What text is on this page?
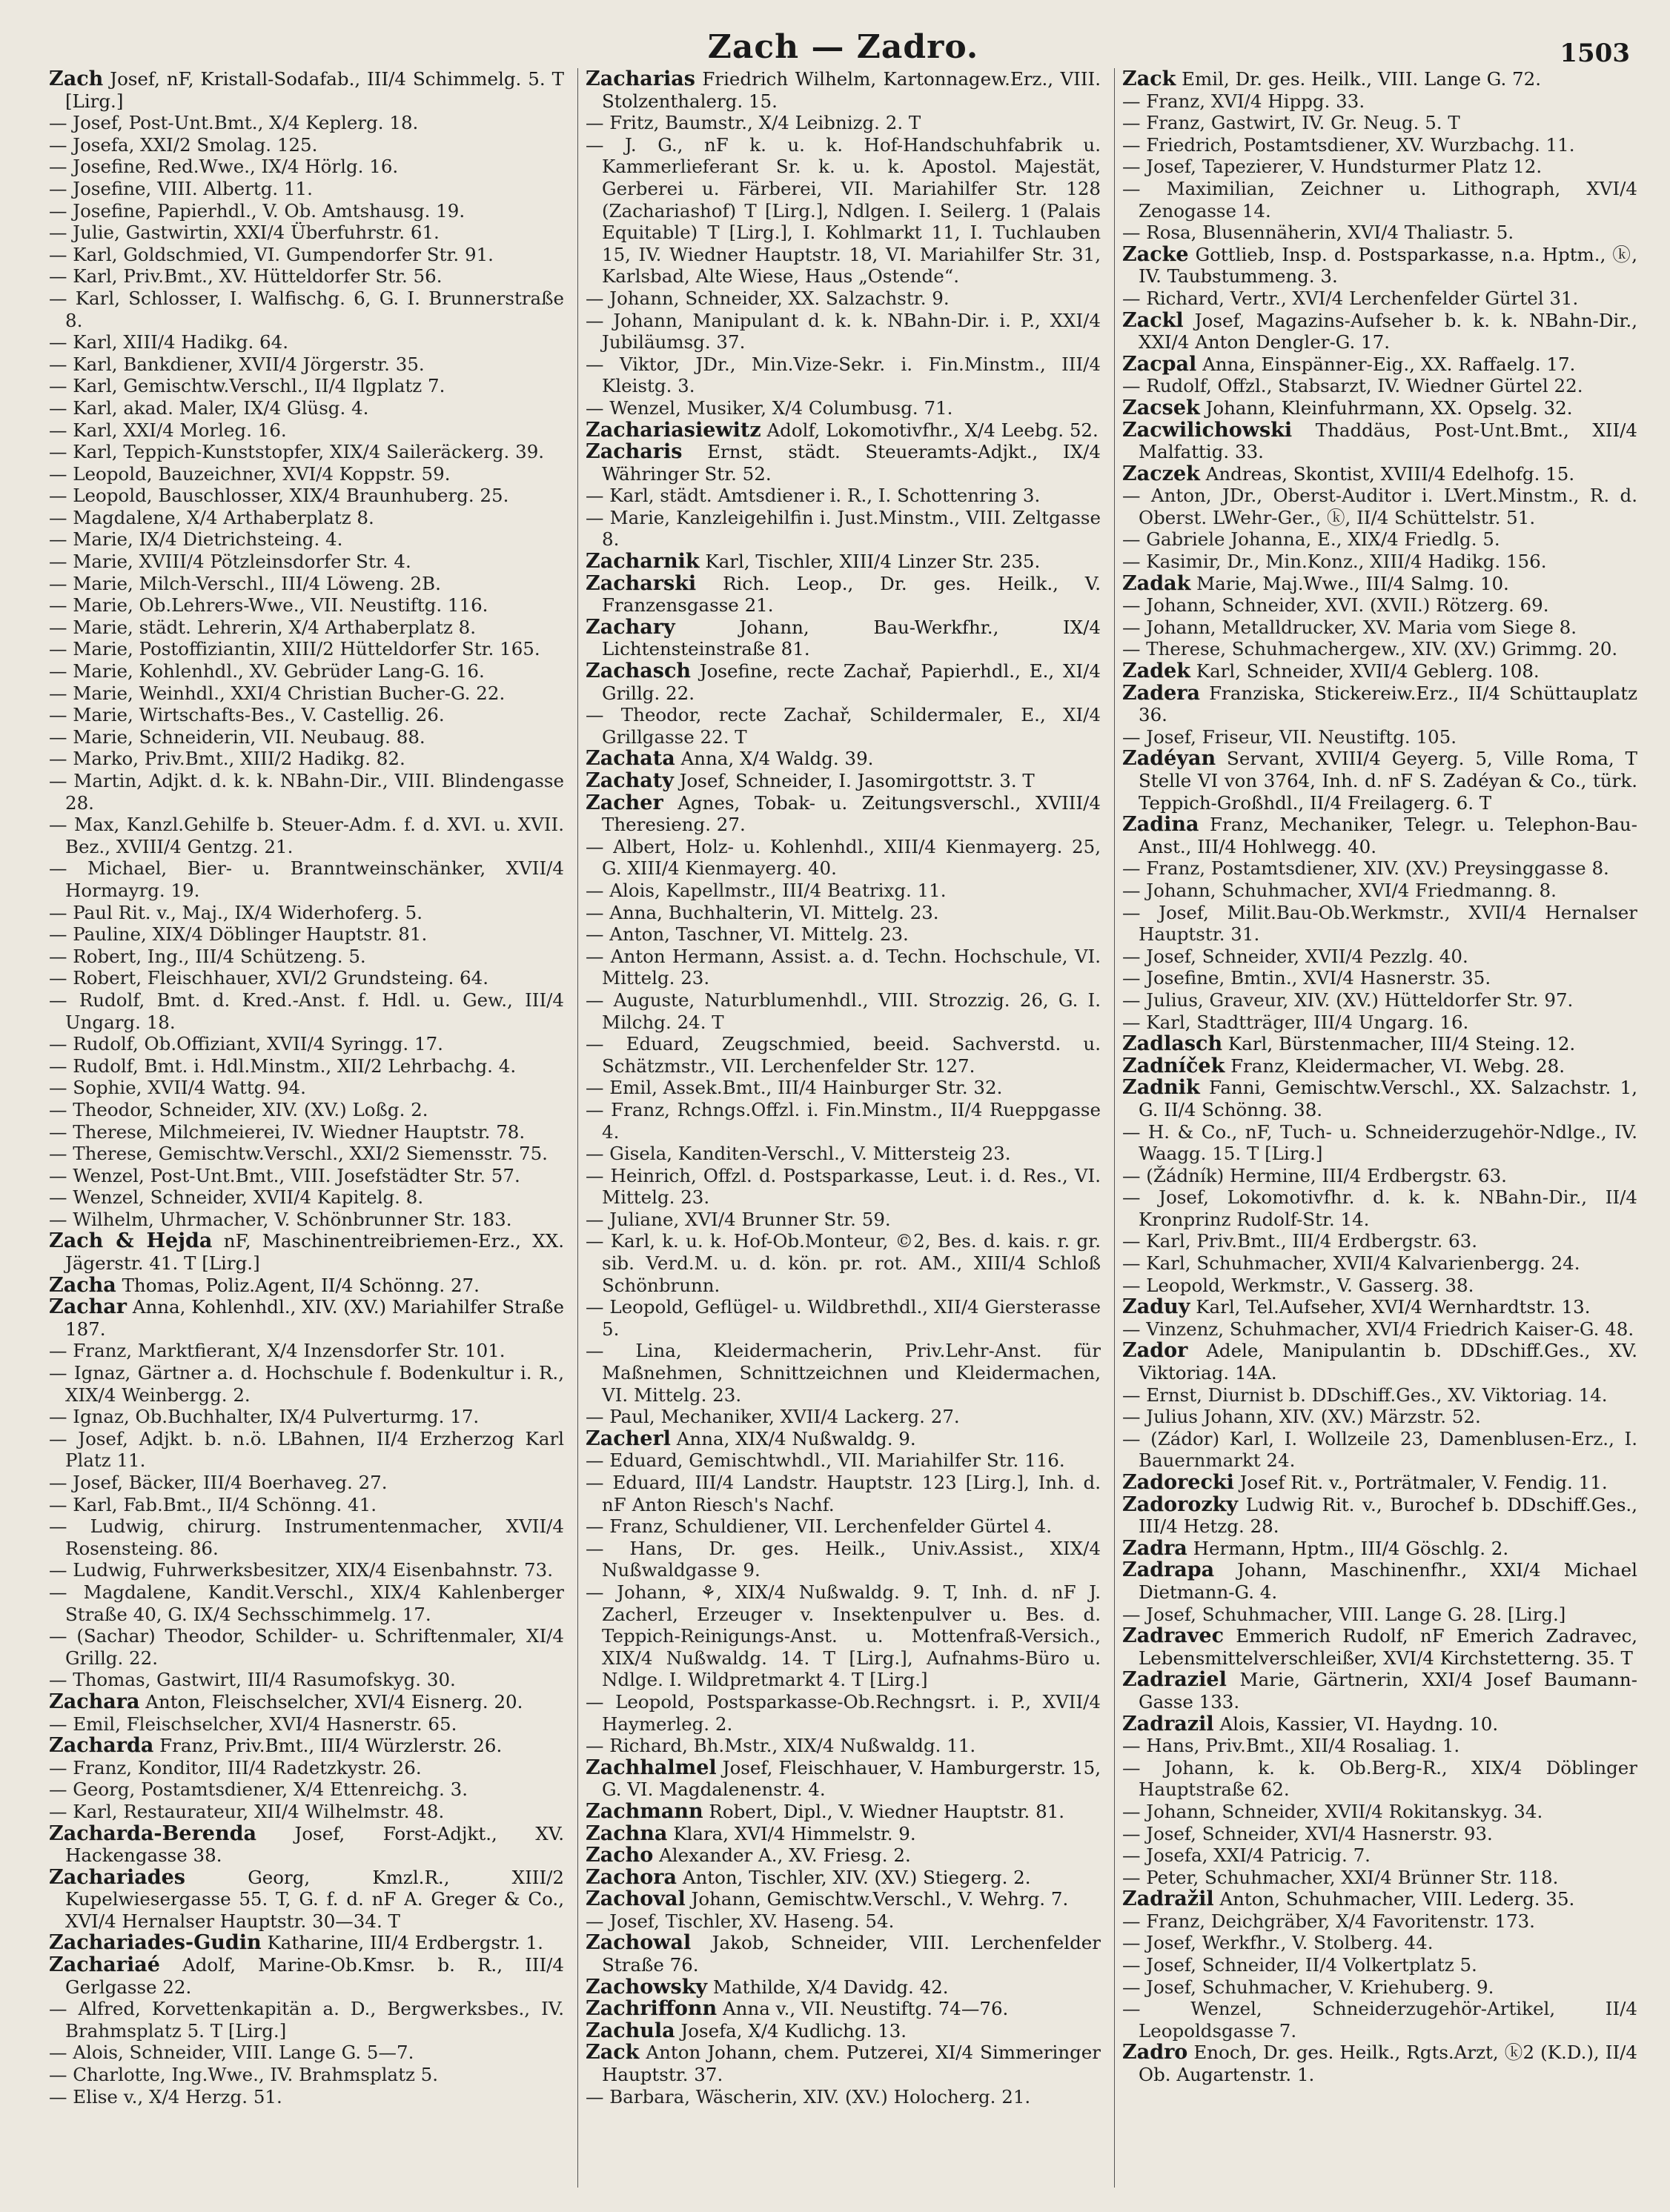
Zach — Zadro.	1503

Zach Josef, nF, Kristall-Sodafab., III/4 Schimmelg. 5. T [Lirg.]

— Josef, Post-Unt.Bmt., X/4 Keplerg. 18.

— Josefa, XXI/2 Smolag. 125.

— Josefine, Red.Wwe., IX/4 Hörlg. 16.

— Josefine, VIII. Albertg. 11.

— Josefine, Papierhdl., V. Ob. Amtshausg. 19.

— Julie, Gastwirtin, XXI/4 Überfuhrstr. 61.

— Karl, Goldschmied, VI. Gumpendorfer Str. 91.

— Karl, Priv.Bmt., XV. Hütteldorfer Str. 56.

— Karl, Schlosser, I. Walfischg. 6, G. I. Brunnerstraße 8.

— Karl, XIII/4 Hadikg. 64.

— Karl, Bankdiener, XVII/4 Jörgerstr. 35.

— Karl, Gemischtw.Verschl., II/4 Ilgplatz 7.

— Karl, akad. Maler, IX/4 Glüsg. 4.

— Karl, XXI/4 Morleg. 16.

— Karl, Teppich-Kunststopfer, XIX/4 Saileräckerg. 39.

— Leopold, Bauzeichner, XVI/4 Koppstr. 59.

— Leopold, Bauschlosser, XIX/4 Braunhuberg. 25.

— Magdalene, X/4 Arthaberplatz 8.

— Marie, IX/4 Dietrichsteing. 4.

— Marie, XVIII/4 Pötzleinsdorfer Str. 4.

— Marie, Milch-Verschl., III/4 Löweng. 2B.

— Marie, Ob.Lehrers-Wwe., VII. Neustiftg. 116.

— Marie, städt. Lehrerin, X/4 Arthaberplatz 8.

— Marie, Postoffiziantin, XIII/2 Hütteldorfer Str. 165.

— Marie, Kohlenhdl., XV. Gebrüder Lang-G. 16.

— Marie, Weinhdl., XXI/4 Christian Bucher-G. 22.

— Marie, Wirtschafts-Bes., V. Castellig. 26.

— Marie, Schneiderin, VII. Neubaug. 88.

— Marko, Priv.Bmt., XIII/2 Hadikg. 82.

— Martin, Adjkt. d. k. k. NBahn-Dir., VIII. Blindengasse 28.

— Max, Kanzl.Gehilfe b. Steuer-Adm. f. d. XVI. u. XVII. Bez., XVIII/4 Gentzg. 21.

— Michael, Bier- u. Branntweinschänker, XVII/4 Hormayrg. 19.

— Paul Rit. v., Maj., IX/4 Widerhoferg. 5.

— Pauline, XIX/4 Döblinger Hauptstr. 81.

— Robert, Ing., III/4 Schützeng. 5.

— Robert, Fleischhauer, XVI/2 Grundsteing. 64.

— Rudolf, Bmt. d. Kred.-Anst. f. Hdl. u. Gew., III/4 Ungarg. 18.

— Rudolf, Ob.Offiziant, XVII/4 Syringg. 17.

— Rudolf, Bmt. i. Hdl.Minstm., XII/2 Lehrbachg. 4.

— Sophie, XVII/4 Wattg. 94.

— Theodor, Schneider, XIV. (XV.) Loßg. 2.

— Therese, Milchmeierei, IV. Wiedner Hauptstr. 78.

— Therese, Gemischtw.Verschl., XXI/2 Siemensstr. 75.

— Wenzel, Post-Unt.Bmt., VIII. Josefstädter Str. 57.

— Wenzel, Schneider, XVII/4 Kapitelg. 8.

— Wilhelm, Uhrmacher, V. Schönbrunner Str. 183.

Zach & Hejda nF, Maschinentreibriemen-Erz., XX. Jägerstr. 41. T [Lirg.]

Zacha Thomas, Poliz.Agent, II/4 Schönng. 27.

Zachar Anna, Kohlenhdl., XIV. (XV.) Mariahilfer Straße 187.

— Franz, Marktfierant, X/4 Inzensdorfer Str. 101.

— Ignaz, Gärtner a. d. Hochschule f. Bodenkultur i. R., XIX/4 Weinbergg. 2.

— Ignaz, Ob.Buchhalter, IX/4 Pulverturmg. 17.

— Josef, Adjkt. b. n.ö. LBahnen, II/4 Erzherzog Karl Platz 11.

— Josef, Bäcker, III/4 Boerhaveg. 27.

— Karl, Fab.Bmt., II/4 Schönng. 41.

— Ludwig, chirurg. Instrumentenmacher, XVII/4 Rosensteing. 86.

— Ludwig, Fuhrwerksbesitzer, XIX/4 Eisenbahnstr. 73.

— Magdalene, Kandit.Verschl., XIX/4 Kahlenberger Straße 40, G. IX/4 Sechsschimmelg. 17.

— (Sachar) Theodor, Schilder- u. Schriftenmaler, XI/4 Grillg. 22.

— Thomas, Gastwirt, III/4 Rasumofskyg. 30.

Zachara Anton, Fleischselcher, XVI/4 Eisnerg. 20.

— Emil, Fleischselcher, XVI/4 Hasnerstr. 65.

Zacharda Franz, Priv.Bmt., III/4 Würzlerstr. 26.

— Franz, Konditor, III/4 Radetzkystr. 26.

— Georg, Postamtsdiener, X/4 Ettenreichg. 3.

— Karl, Restaurateur, XII/4 Wilhelmstr. 48.

Zacharda-Berenda Josef, Forst-Adjkt., XV. Hackengasse 38.

Zachariades	Georg, Kmzl.R., XIII/2 Kupelwiesergasse 55. T, G. f. d. nF A. Greger & Co., XVI/4 Hernalser Hauptstr. 30—34. T

Zachariades-Gudin Katharine, III/4 Erdbergstr. 1.

Zachariaé Adolf, Marine-Ob.Kmsr. b. R., III/4 Gerlgasse 22.

— Alfred, Korvettenkapitän a. D., Bergwerksbes., IV. Brahmsplatz 5. T [Lirg.]

— Alois, Schneider, VIII. Lange G. 5—7.

— Charlotte, Ing.Wwe., IV. Brahmsplatz 5.

— Elise v., X/4 Herzg. 51.

Zacharias Friedrich Wilhelm, Kartonnagew.Erz., VIII. Stolzenthalerg. 15.

— Fritz, Baumstr., X/4 Leibnizg. 2. T

— J. G., nF k. u. k. Hof-Handschuhfabrik u. Kammerlieferant Sr. k. u. k. Apostol. Majestät, Gerberei u. Färberei, VII. Mariahilfer Str. 128 (Zachariashof) T [Lirg.], Ndlgen. I. Seilerg. 1 (Palais Equitable) T [Lirg.], I. Kohlmarkt 11, I. Tuchlauben 15, IV. Wiedner Hauptstr. 18, VI. Mariahilfer Str. 31, Karlsbad, Alte Wiese, Haus „Ostende“.

— Johann, Schneider, XX. Salzachstr. 9.

— Johann, Manipulant d. k. k. NBahn-Dir. i. P., XXI/4 Jubiläumsg. 37.

— Viktor, JDr., Min.Vize-Sekr. i. Fin.Minstm., III/4 Kleistg. 3.

— Wenzel, Musiker, X/4 Columbusg. 71.

Zachariasiewitz Adolf, Lokomotivfhr., X/4 Leebg. 52.

Zacharis Ernst, städt. Steueramts-Adjkt., IX/4 Währinger Str. 52.

— Karl, städt. Amtsdiener i. R., I. Schottenring 3.

— Marie, Kanzleigehilfin i. Just.Minstm., VIII. Zeltgasse 8.

Zacharnik Karl, Tischler, XIII/4 Linzer Str. 235.

Zacharski Rich. Leop., Dr. ges. Heilk., V. Franzensgasse 21.

Zachary	Johann, Bau-Werkfhr., IX/4 Lichtensteinstraße 81.

Zachasch Josefine, recte Zachař, Papierhdl., E., XI/4 Grillg. 22.

— Theodor, recte Zachař, Schildermaler, E., XI/4 Grillgasse 22. T

Zachata Anna, X/4 Waldg. 39.

Zachaty Josef, Schneider, I. Jasomirgottstr. 3. T

Zacher Agnes, Tobak- u. Zeitungsverschl., XVIII/4 Theresieng. 27.

— Albert, Holz- u. Kohlenhdl., XIII/4 Kienmayerg. 25, G. XIII/4 Kienmayerg. 40.

— Alois, Kapellmstr., III/4 Beatrixg. 11.

— Anna, Buchhalterin, VI. Mittelg. 23.

— Anton, Taschner, VI. Mittelg. 23.

— Anton Hermann, Assist. a. d. Techn. Hochschule, VI. Mittelg. 23.

— Auguste, Naturblumenhdl., VIII. Strozzig. 26, G. I. Milchg. 24. T

— Eduard, Zeugschmied, beeid. Sachverstd. u. Schätzmstr., VII. Lerchenfelder Str. 127.

— Emil, Assek.Bmt., III/4 Hainburger Str. 32.

— Franz, Rchngs.Offzl. i. Fin.Minstm., II/4 Rueppgasse 4.

— Gisela, Kanditen-Verschl., V. Mittersteig 23.

— Heinrich, Offzl. d. Postsparkasse, Leut. i. d. Res., VI. Mittelg. 23.

— Juliane, XVI/4 Brunner Str. 59.

— Karl, k. u. k. Hof-Ob.Monteur, ©2, Bes. d. kais. r. gr. sib. Verd.M. u. d. kön. pr. rot. AM., XIII/4 Schloß Schönbrunn.

— Leopold, Geflügel- u. Wildbrethdl., XII/4 Giersterasse 5.

— Lina, Kleidermacherin, Priv.Lehr-Anst. für Maßnehmen, Schnittzeichnen und Kleidermachen, VI. Mittelg. 23.

— Paul, Mechaniker, XVII/4 Lackerg. 27.

Zacherl Anna, XIX/4 Nußwaldg. 9.

— Eduard, Gemischtwhdl., VII. Mariahilfer Str. 116.

— Eduard, III/4 Landstr. Hauptstr. 123 [Lirg.], Inh. d. nF Anton Riesch's Nachf.

— Franz, Schuldiener, VII. Lerchenfelder Gürtel 4.

— Hans, Dr. ges. Heilk., Univ.Assist., XIX/4 Nußwaldgasse 9.

— Johann, ⚘, XIX/4 Nußwaldg. 9. T, Inh. d. nF J. Zacherl, Erzeuger v. Insektenpulver u. Bes. d. Teppich-Reinigungs-Anst. u. Mottenfraß-Versich., XIX/4 Nußwaldg. 14. T [Lirg.], Aufnahms-Büro u. Ndlge. I. Wildpretmarkt 4. T [Lirg.]

— Leopold, Postsparkasse-Ob.Rechngsrt. i. P., XVII/4 Haymerleg. 2.

— Richard, Bh.Mstr., XIX/4 Nußwaldg. 11.

Zachhalmel Josef, Fleischhauer, V. Hamburgerstr. 15, G. VI. Magdalenenstr. 4.

Zachmann Robert, Dipl., V. Wiedner Hauptstr. 81.

Zachna Klara, XVI/4 Himmelstr. 9.

Zacho Alexander A., XV. Friesg. 2.

Zachora Anton, Tischler, XIV. (XV.) Stiegerg. 2.

Zachoval Johann, Gemischtw.Verschl., V. Wehrg. 7.

— Josef, Tischler, XV. Haseng. 54.

Zachowal Jakob, Schneider, VIII. Lerchenfelder Straße 76.

Zachowsky Mathilde, X/4 Davidg. 42.

Zachriffonn Anna v., VII. Neustiftg. 74—76.

Zachula Josefa, X/4 Kudlichg. 13.

Zack Anton Johann, chem. Putzerei, XI/4 Simmeringer Hauptstr. 37.

— Barbara, Wäscherin, XIV. (XV.) Holocherg. 21.

Zack Emil, Dr. ges. Heilk., VIII. Lange G. 72.

— Franz, XVI/4 Hippg. 33.

— Franz, Gastwirt, IV. Gr. Neug. 5. T

— Friedrich, Postamtsdiener, XV. Wurzbachg. 11.

— Josef, Tapezierer, V. Hundsturmer Platz 12.

— Maximilian, Zeichner u. Lithograph, XVI/4 Zenogasse 14.

— Rosa, Blusennäherin, XVI/4 Thaliastr. 5.

Zacke Gottlieb, Insp. d. Postsparkasse, n.a. Hptm., ⓚ, IV. Taubstummeng. 3.

— Richard, Vertr., XVI/4 Lerchenfelder Gürtel 31.

Zackl Josef, Magazins-Aufseher b. k. k. NBahn-Dir., XXI/4 Anton Dengler-G. 17.

Zacpal Anna, Einspänner-Eig., XX. Raffaelg. 17.

— Rudolf, Offzl., Stabsarzt, IV. Wiedner Gürtel 22.

Zacsek Johann, Kleinfuhrmann, XX. Opselg. 32.

Zacwilichowski Thaddäus, Post-Unt.Bmt., XII/4 Malfattig. 33.

Zaczek Andreas, Skontist, XVIII/4 Edelhofg. 15.

— Anton, JDr., Oberst-Auditor i. LVert.Minstm., R. d. Oberst. LWehr-Ger., ⓚ, II/4 Schüttelstr. 51.

— Gabriele Johanna, E., XIX/4 Friedlg. 5.

— Kasimir, Dr., Min.Konz., XIII/4 Hadikg. 156.

Zadak Marie, Maj.Wwe., III/4 Salmg. 10.

— Johann, Schneider, XVI. (XVII.) Rötzerg. 69.

— Johann, Metalldrucker, XV. Maria vom Siege 8.

— Therese, Schuhmachergew., XIV. (XV.) Grimmg. 20.

Zadek Karl, Schneider, XVII/4 Geblerg. 108.

Zadera Franziska, Stickereiw.Erz., II/4 Schüttauplatz 36.

— Josef, Friseur, VII. Neustiftg. 105.

Zadéyan Servant, XVIII/4 Geyerg. 5, Ville Roma, T Stelle VI von 3764, Inh. d. nF S. Zadéyan & Co., türk. Teppich-Großhdl., II/4 Freilagerg. 6. T

Zadina Franz, Mechaniker, Telegr. u. Telephon-Bau-Anst., III/4 Hohlwegg. 40.

— Franz, Postamtsdiener, XIV. (XV.) Preysinggasse 8.

— Johann, Schuhmacher, XVI/4 Friedmanng. 8.

— Josef, Milit.Bau-Ob.Werkmstr., XVII/4 Hernalser Hauptstr. 31.

— Josef, Schneider, XVII/4 Pezzlg. 40.

— Josefine, Bmtin., XVI/4 Hasnerstr. 35.

— Julius, Graveur, XIV. (XV.) Hütteldorfer Str. 97.

— Karl, Stadtträger, III/4 Ungarg. 16.

Zadlasch Karl, Bürstenmacher, III/4 Steing. 12.

Zadníček Franz, Kleidermacher, VI. Webg. 28.

Zadnik Fanni, Gemischtw.Verschl., XX. Salzachstr. 1, G. II/4 Schönng. 38.

— H. & Co., nF, Tuch- u. Schneiderzugehör-Ndlge., IV. Waagg. 15. T [Lirg.]

— (Žádník) Hermine, III/4 Erdbergstr. 63.

— Josef, Lokomotivfhr. d. k. k. NBahn-Dir., II/4 Kronprinz Rudolf-Str. 14.

— Karl, Priv.Bmt., III/4 Erdbergstr. 63.

— Karl, Schuhmacher, XVII/4 Kalvarienbergg. 24.

— Leopold, Werkmstr., V. Gasserg. 38.

Zaduy Karl, Tel.Aufseher, XVI/4 Wernhardtstr. 13.

— Vinzenz, Schuhmacher, XVI/4 Friedrich Kaiser-G. 48.

Zador Adele, Manipulantin b. DDschiff.Ges., XV. Viktoriag. 14A.

— Ernst, Diurnist b. DDschiff.Ges., XV. Viktoriag. 14.

— Julius Johann, XIV. (XV.) Märzstr. 52.

— (Zádor) Karl, I. Wollzeile 23, Damenblusen-Erz., I. Bauernmarkt 24.

Zadorecki Josef Rit. v., Porträtmaler, V. Fendig. 11.

Zadorozky Ludwig Rit. v., Burochef b. DDschiff.Ges., III/4 Hetzg. 28.

Zadra Hermann, Hptm., III/4 Göschlg. 2.

Zadrapa Johann, Maschinenfhr., XXI/4 Michael Dietmann-G. 4.

— Josef, Schuhmacher, VIII. Lange G. 28. [Lirg.]

Zadravec Emmerich Rudolf, nF Emerich Zadravec, Lebensmittelverschleißer, XVI/4 Kirchstetterng. 35. T

Zadraziel Marie, Gärtnerin, XXI/4 Josef Baumann-Gasse 133.

Zadrazil Alois, Kassier, VI. Haydng. 10.

— Hans, Priv.Bmt., XII/4 Rosaliag. 1.

— Johann, k. k. Ob.Berg-R., XIX/4 Döblinger Hauptstraße 62.

— Johann, Schneider, XVII/4 Rokitanskyg. 34.

— Josef, Schneider, XVI/4 Hasnerstr. 93.

— Josefa, XXI/4 Patricig. 7.

— Peter, Schuhmacher, XXI/4 Brünner Str. 118.

Zadražil Anton, Schuhmacher, VIII. Lederg. 35.

— Franz, Deichgräber, X/4 Favoritenstr. 173.

— Josef, Werkfhr., V. Stolberg. 44.

— Josef, Schneider, II/4 Volkertplatz 5.

— Josef, Schuhmacher, V. Kriehuberg. 9.

— Wenzel, Schneiderzugehör-Artikel, II/4 Leopoldsgasse 7.

Zadro Enoch, Dr. ges. Heilk., Rgts.Arzt, ⓚ2 (K.D.), II/4 Ob. Augartenstr. 1.
